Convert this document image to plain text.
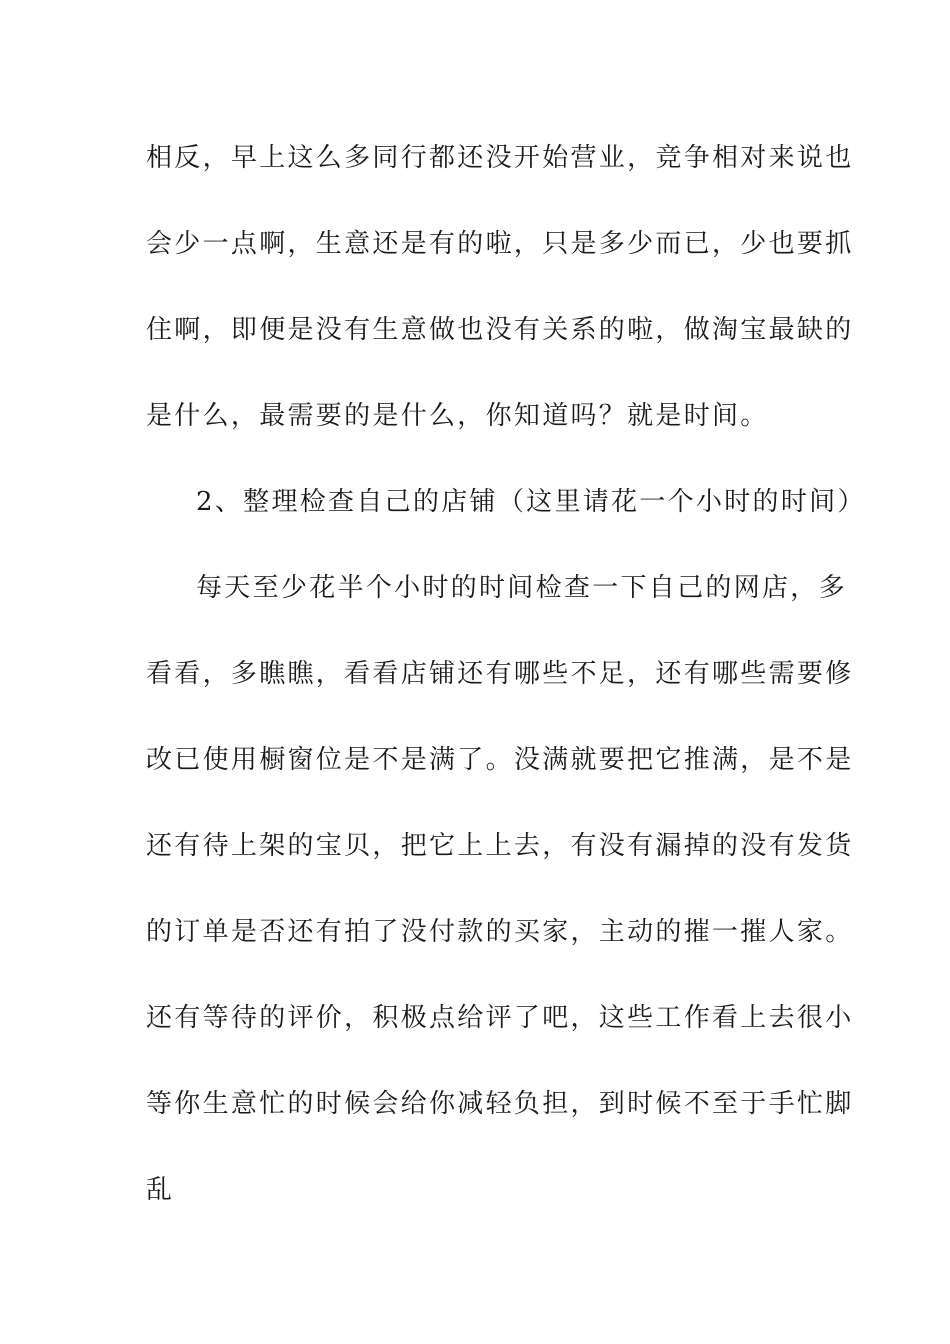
相反，早上这么多同行都还没开始营业，竞争相对来说也
会少一点啊，生意还是有的啦，只是多少而已，少也要抓
住啊，即便是没有生意做也没有关系的啦，做淘宝最缺的
是什么，最需要的是什么，你知道吗？就是时间。
2、整理检查自己的店铺（这里请花一个小时的时间）
每天至少花半个小时的时间检查一下自己的网店，多
看看，多瞧瞧，看看店铺还有哪些不足，还有哪些需要修
改已使用橱窗位是不是满了。没满就要把它推满，是不是
还有待上架的宝贝，把它上上去，有没有漏掉的没有发货
的订单是否还有拍了没付款的买家，主动的摧一摧人家。
还有等待的评价，积极点给评了吧，这些工作看上去很小
等你生意忙的时候会给你减轻负担，到时候不至于手忙脚
乱
